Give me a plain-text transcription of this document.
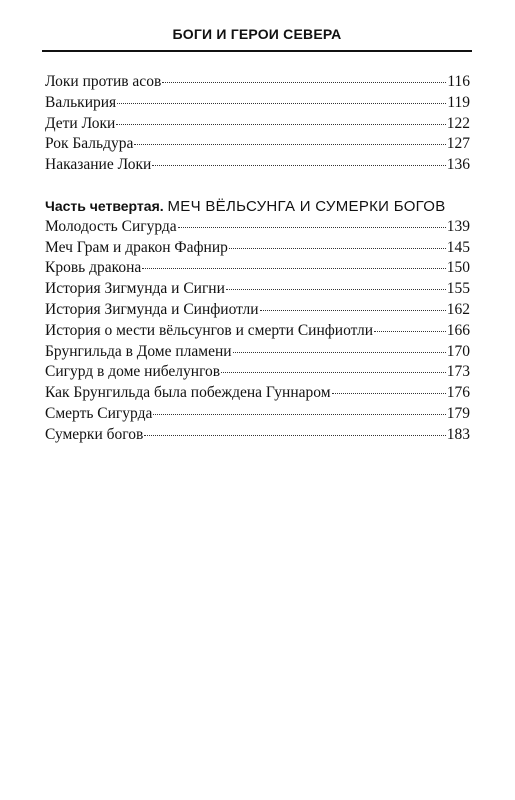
БОГИ И ГЕРОИ СЕВЕРА
Локи против асов	116
Валькирия	119
Дети Локи	122
Рок Бальдура	127
Наказание Локи	136
Часть четвертая. МЕЧ ВЁЛЬСУНГА И СУМЕРКИ БОГОВ
Молодость Сигурда	139
Меч Грам и дракон Фафнир	145
Кровь дракона	150
История Зигмунда и Сигни	155
История Зигмунда и Синфиотли	162
История о мести вёльсунгов и смерти Синфиотли	166
Брунгильда в Доме пламени	170
Сигурд в доме нибелунгов	173
Как Брунгильда была побеждена Гуннаром	176
Смерть Сигурда	179
Сумерки богов	183
